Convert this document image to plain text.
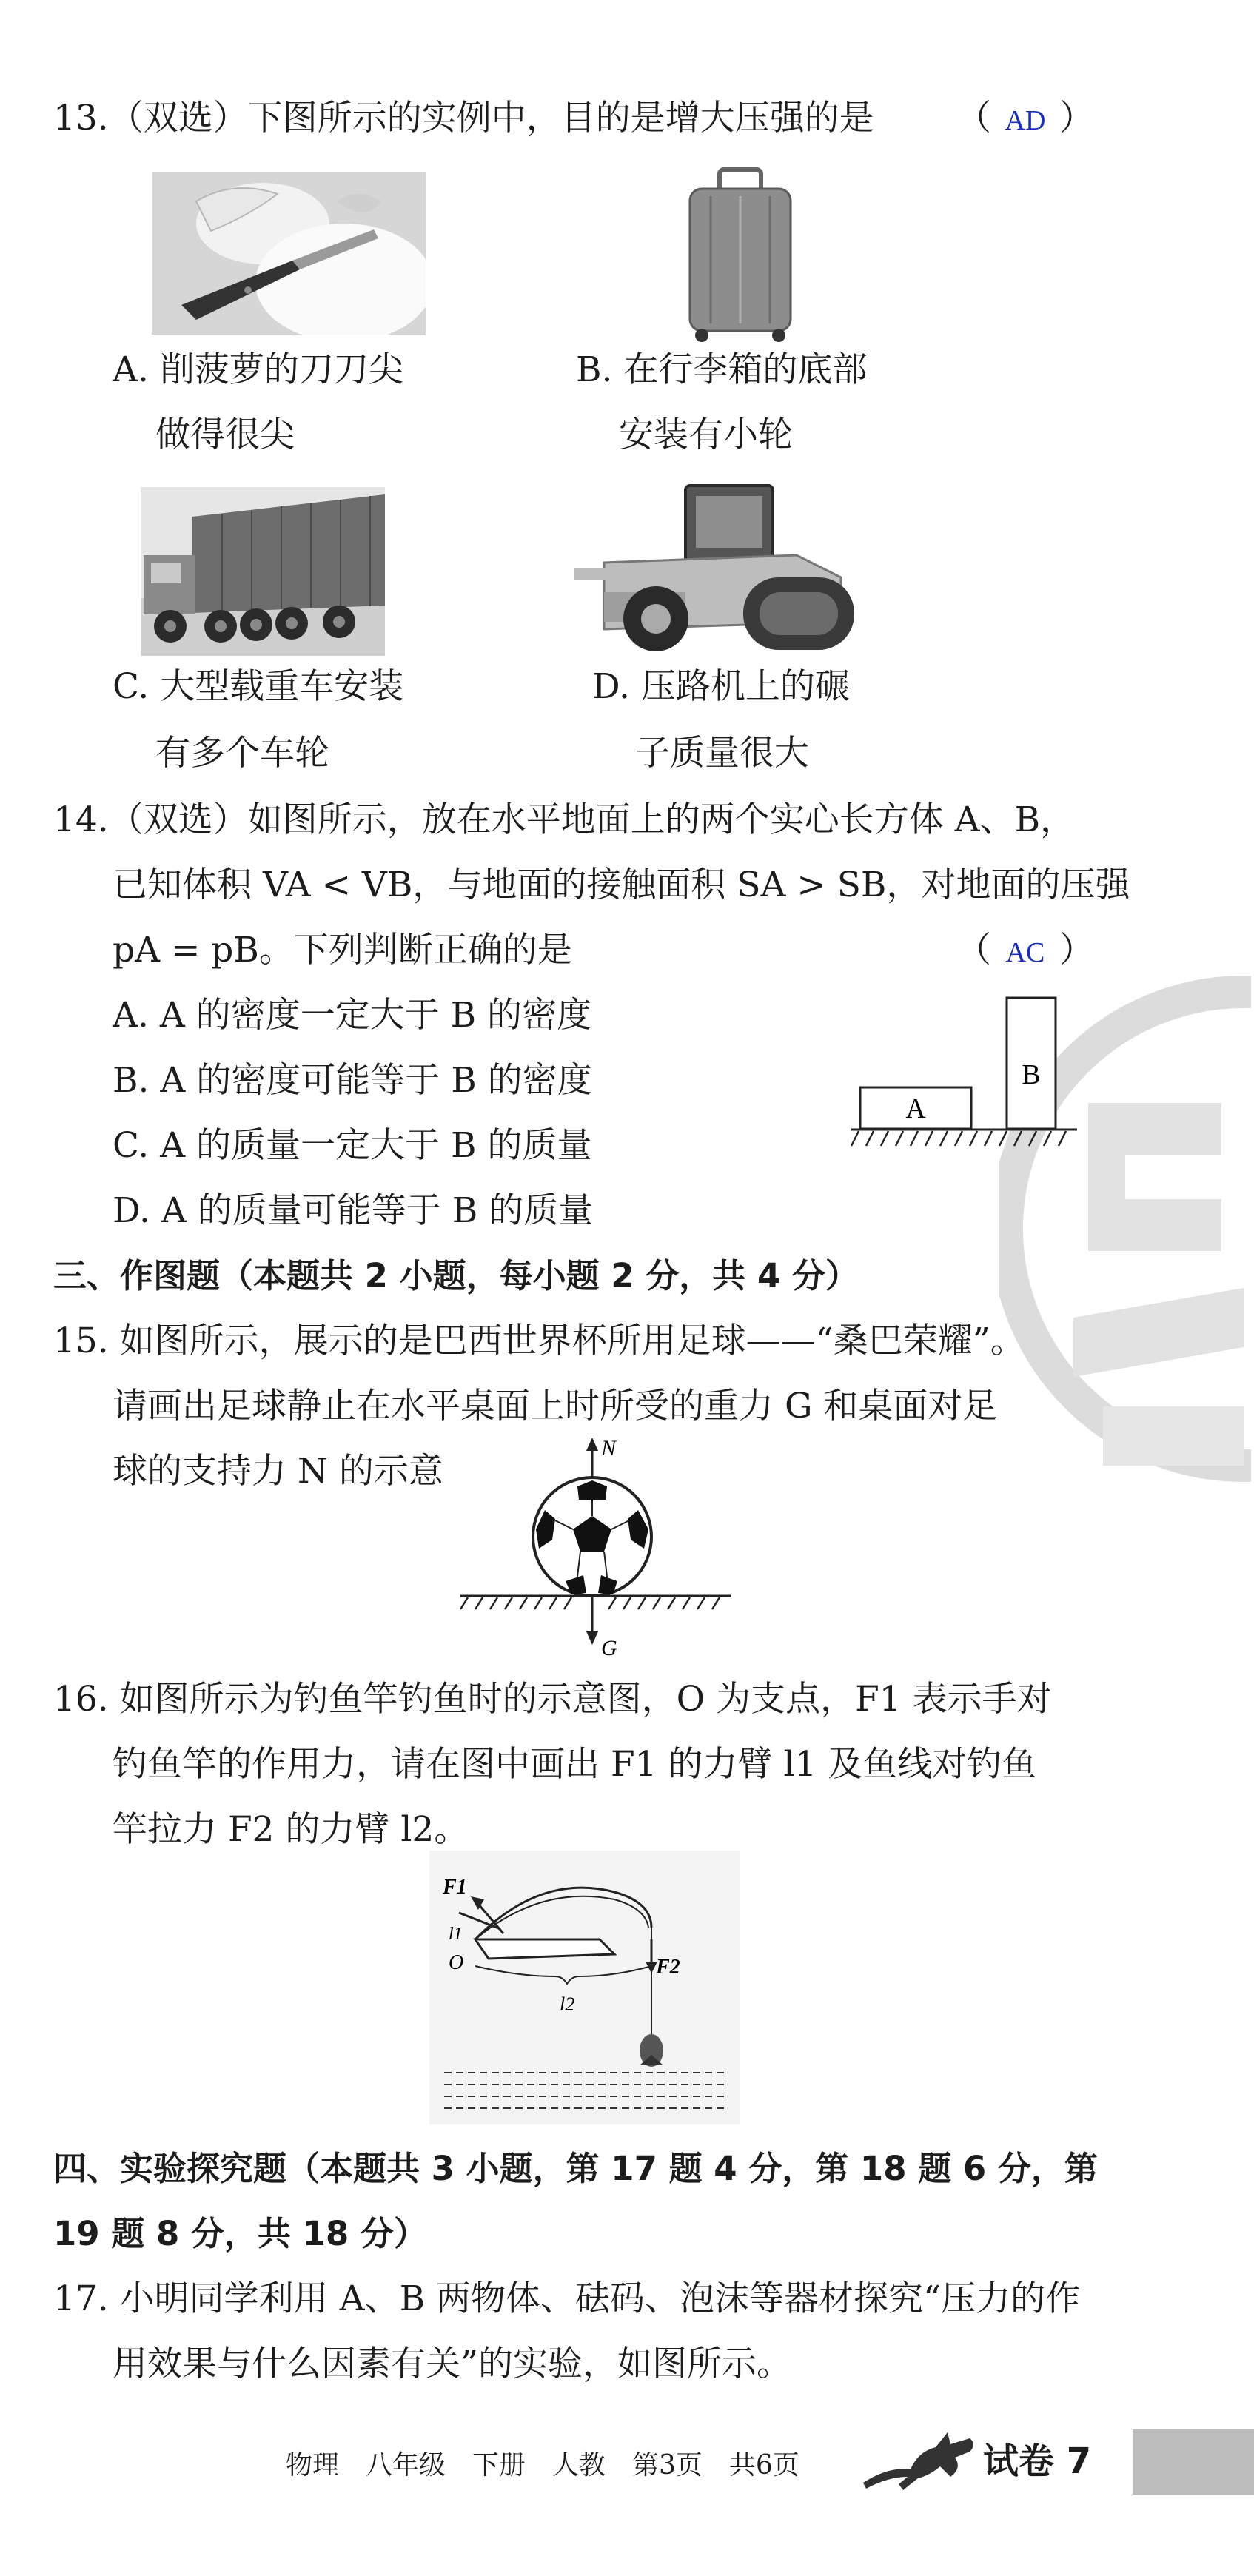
13.（双选）下图所示的实例中，目的是增大压强的是 （ AD ）
A. 削菠萝的刀刀尖
做得很尖
B. 在行李箱的底部
安装有小轮
C. 大型载重车安装
有多个车轮
D. 压路机上的碾
子质量很大
14.（双选）如图所示，放在水平地面上的两个实心长方体 A、B，
已知体积 VA < VB，与地面的接触面积 SA > SB，对地面的压强
pA = pB。下列判断正确的是	（ AC ）
A. A 的密度一定大于 B 的密度
B. A 的密度可能等于 B 的密度
C. A 的质量一定大于 B 的质量
D. A 的质量可能等于 B 的质量
A
B
三、作图题（本题共 2 小题，每小题 2 分，共 4 分）
15. 如图所示，展示的是巴西世界杯所用足球——“桑巴荣耀”。
请画出足球静止在水平桌面上时所受的重力 G 和桌面对足
球的支持力 N 的示意
N
G
16. 如图所示为钓鱼竿钓鱼时的示意图，O 为支点，F1 表示手对
钓鱼竿的作用力，请在图中画出 F1 的力臂 l1 及鱼线对钓鱼
竿拉力 F2 的力臂 l2。
F1
l1
O
l2
F2
四、实验探究题（本题共 3 小题，第 17 题 4 分，第 18 题 6 分，第
19 题 8 分，共 18 分）
17. 小明同学利用 A、B 两物体、砝码、泡沫等器材探究“压力的作
用效果与什么因素有关”的实验，如图所示。
物理　八年级　下册　人教　第3页　共6页	试卷 7
